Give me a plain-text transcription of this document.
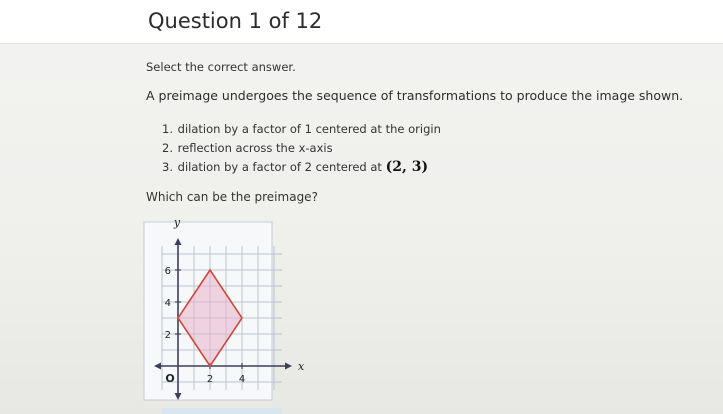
Question 1 of 12
Select the correct answer.
A preimage undergoes the sequence of transformations to produce the image shown.
1. dilation by a factor of 1 centered at the origin
2. reflection across the x-axis
3. dilation by a factor of 2 centered at (2, 3)
Which can be the preimage?
2
4
6
2	4
y
x
O
